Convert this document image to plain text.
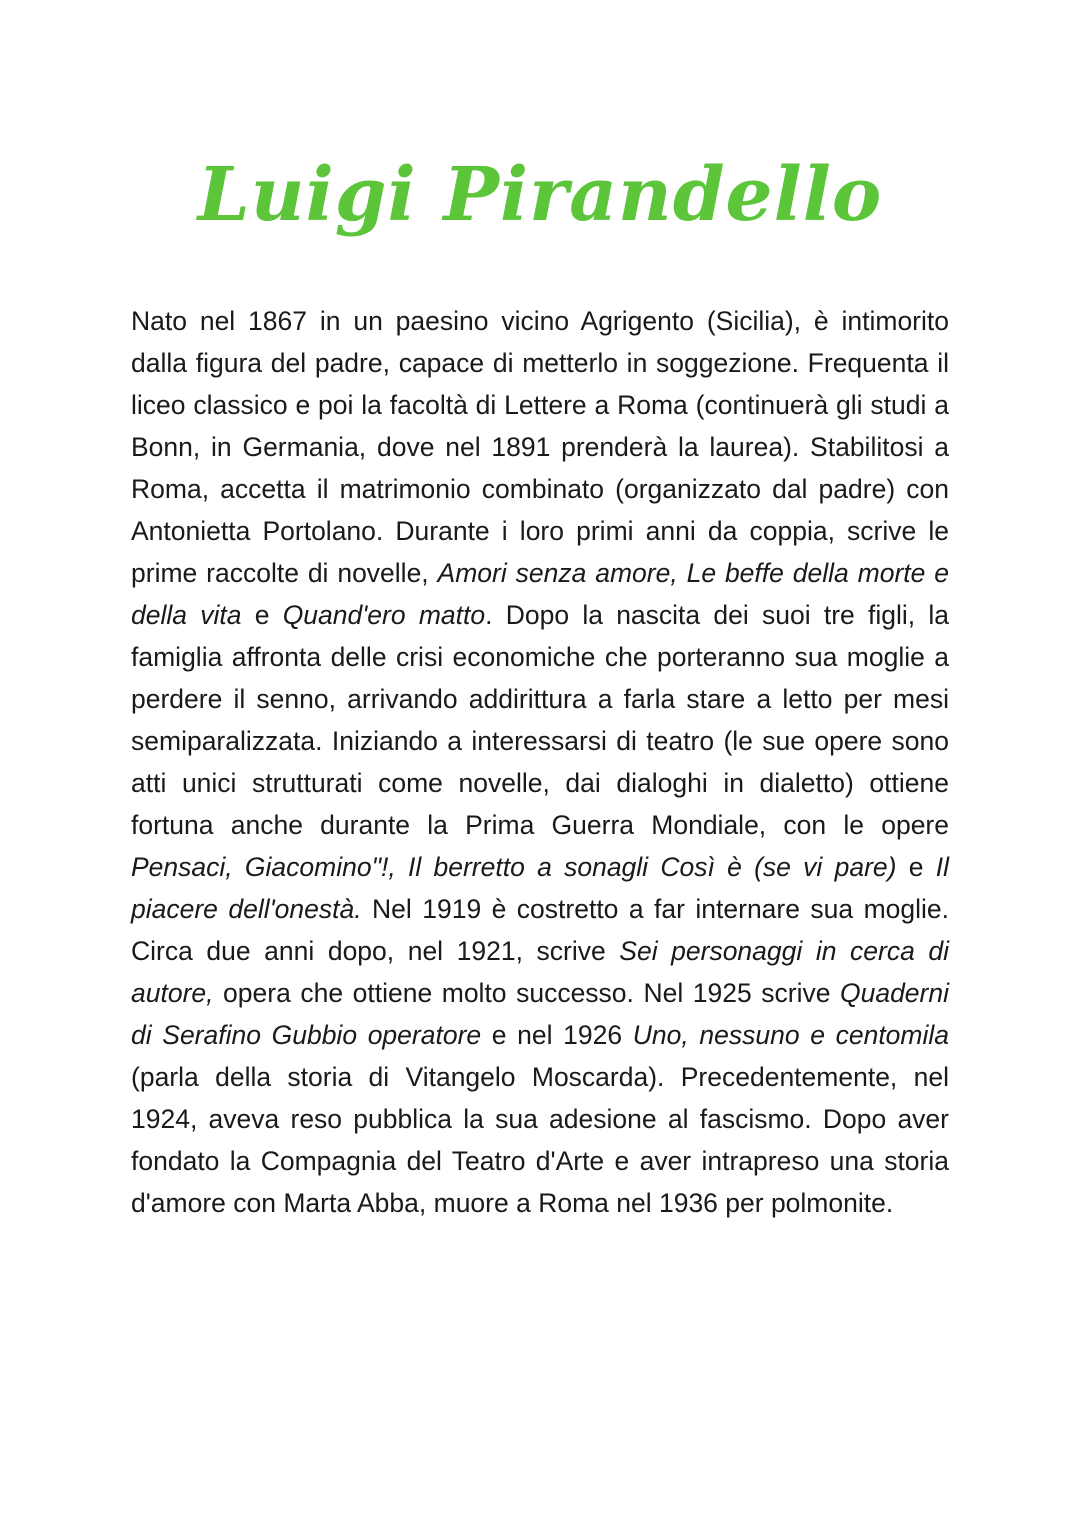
Luigi Pirandello

Nato nel 1867 in un paesino vicino Agrigento (Sicilia), è intimorito dalla figura del padre, capace di metterlo in soggezione. Frequenta il liceo classico e poi la facoltà di Lettere a Roma (continuerà gli studi a Bonn, in Germania, dove nel 1891 prenderà la laurea). Stabilitosi a Roma, accetta il matrimonio combinato (organizzato dal padre) con Antonietta Portolano. Durante i loro primi anni da coppia, scrive le prime raccolte di novelle, Amori senza amore, Le beffe della morte e della vita e Quand'ero matto. Dopo la nascita dei suoi tre figli, la famiglia affronta delle crisi economiche che porteranno sua moglie a perdere il senno, arrivando addirittura a farla stare a letto per mesi semiparalizzata. Iniziando a interessarsi di teatro (le sue opere sono atti unici strutturati come novelle, dai dialoghi in dialetto) ottiene fortuna anche durante la Prima Guerra Mondiale, con le opere Pensaci, Giacomino"!, Il berretto a sonagli Così è (se vi pare) e Il piacere dell'onestà. Nel 1919 è costretto a far internare sua moglie. Circa due anni dopo, nel 1921, scrive Sei personaggi in cerca di autore, opera che ottiene molto successo. Nel 1925 scrive Quaderni di Serafino Gubbio operatore e nel 1926 Uno, nessuno e centomila (parla della storia di Vitangelo Moscarda). Precedentemente, nel 1924, aveva reso pubblica la sua adesione al fascismo. Dopo aver fondato la Compagnia del Teatro d'Arte e aver intrapreso una storia d'amore con Marta Abba, muore a Roma nel 1936 per polmonite.
